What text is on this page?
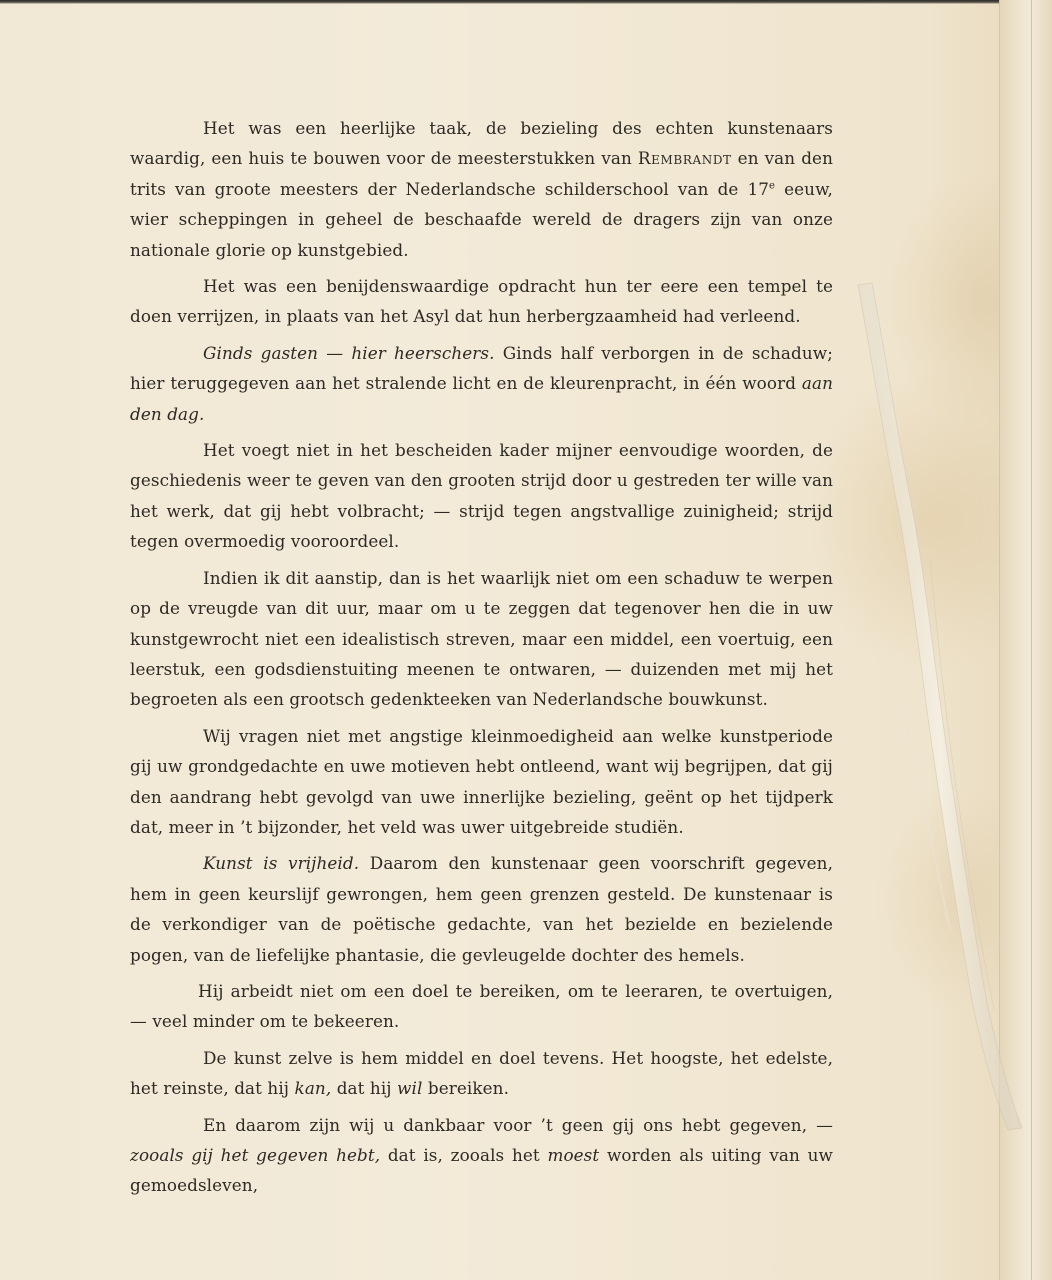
Het was een heerlijke taak, de bezieling des echten kunstenaars waardig, een huis te bouwen voor de meesterstukken van Rembrandt en van den trits van groote meesters der Nederlandsche schilderschool van de 17e eeuw, wier scheppingen in geheel de beschaafde wereld de dragers zijn van onze nationale glorie op kunstgebied.

Het was een benijdenswaardige opdracht hun ter eere een tempel te doen verrijzen, in plaats van het Asyl dat hun herbergzaamheid had verleend.

Ginds gasten — hier heerschers. Ginds half verborgen in de schaduw; hier teruggegeven aan het stralende licht en de kleurenpracht, in één woord aan den dag.

Het voegt niet in het bescheiden kader mijner eenvoudige woorden, de geschiedenis weer te geven van den grooten strijd door u gestreden ter wille van het werk, dat gij hebt volbracht; — strijd tegen angstvallige zuinigheid; strijd tegen overmoedig vooroordeel.

Indien ik dit aanstip, dan is het waarlijk niet om een schaduw te werpen op de vreugde van dit uur, maar om u te zeggen dat tegenover hen die in uw kunstgewrocht niet een idealistisch streven, maar een middel, een voertuig, een leerstuk, een godsdienstuiting meenen te ontwaren, — duizenden met mij het begroeten als een grootsch gedenkteeken van Nederlandsche bouwkunst.

Wij vragen niet met angstige kleinmoedigheid aan welke kunstperiode gij uw grondgedachte en uwe motieven hebt ontleend, want wij begrijpen, dat gij den aandrang hebt gevolgd van uwe innerlijke bezieling, geënt op het tijdperk dat, meer in ’t bijzonder, het veld was uwer uitgebreide studiën.

Kunst is vrijheid. Daarom den kunstenaar geen voorschrift gegeven, hem in geen keurslijf gewrongen, hem geen grenzen gesteld. De kunstenaar is de verkondiger van de poëtische gedachte, van het bezielde en bezielende pogen, van de liefelijke phantasie, die gevleugelde dochter des hemels.

Hij arbeidt niet om een doel te bereiken, om te leeraren, te overtuigen, — veel minder om te bekeeren.

De kunst zelve is hem middel en doel tevens. Het hoogste, het edelste, het reinste, dat hij kan, dat hij wil bereiken.

En daarom zijn wij u dankbaar voor ’t geen gij ons hebt gegeven, — zooals gij het gegeven hebt, dat is, zooals het moest worden als uiting van uw gemoedsleven,
